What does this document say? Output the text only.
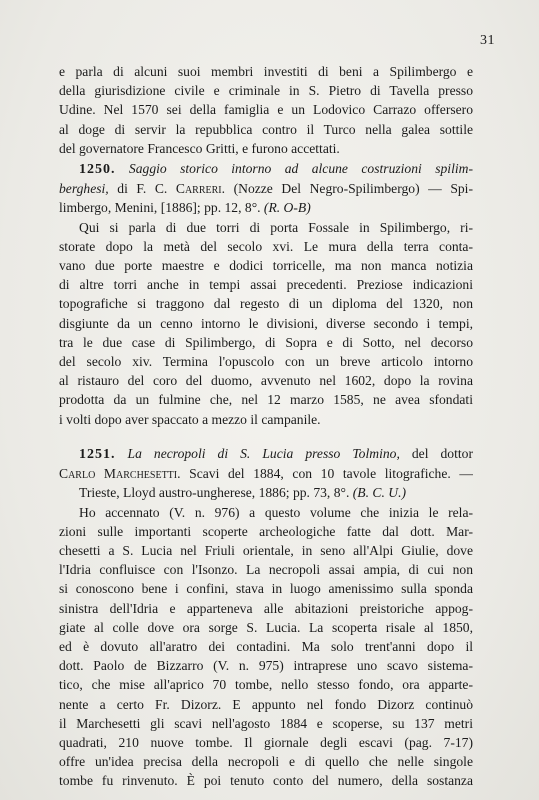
31
e parla di alcuni suoi membri investiti di beni a Spilimbergo e
della giurisdizione civile e criminale in S. Pietro di Tavella presso
Udine. Nel 1570 sei della famiglia e un Lodovico Carrazo offersero
al doge di servir la repubblica contro il Turco nella galea sottile
del governatore Francesco Gritti, e furono accettati.
1250. Saggio storico intorno ad alcune costruzioni spilim-
berghesi, di F. C. Carreri. (Nozze Del Negro-Spilimbergo) — Spi-
limbergo, Menini, [1886]; pp. 12, 8°. (R. O-B)
Qui si parla di due torri di porta Fossale in Spilimbergo, ri-
storate dopo la metà del secolo xvi. Le mura della terra conta-
vano due porte maestre e dodici torricelle, ma non manca notizia
di altre torri anche in tempi assai precedenti. Preziose indicazioni
topografiche si traggono dal regesto di un diploma del 1320, non
disgiunte da un cenno intorno le divisioni, diverse secondo i tempi,
tra le due case di Spilimbergo, di Sopra e di Sotto, nel decorso
del secolo xiv. Termina l'opuscolo con un breve articolo intorno
al ristauro del coro del duomo, avvenuto nel 1602, dopo la rovina
prodotta da un fulmine che, nel 12 marzo 1585, ne avea sfondati
i volti dopo aver spaccato a mezzo il campanile.
1251. La necropoli di S. Lucia presso Tolmino, del dottor
Carlo Marchesetti. Scavi del 1884, con 10 tavole litografiche. —
Trieste, Lloyd austro-ungherese, 1886; pp. 73, 8°. (B. C. U.)
Ho accennato (V. n. 976) a questo volume che inizia le rela-
zioni sulle importanti scoperte archeologiche fatte dal dott. Mar-
chesetti a S. Lucia nel Friuli orientale, in seno all'Alpi Giulie, dove
l'Idria confluisce con l'Isonzo. La necropoli assai ampia, di cui non
si conoscono bene i confini, stava in luogo amenissimo sulla sponda
sinistra dell'Idria e apparteneva alle abitazioni preistoriche appog-
giate al colle dove ora sorge S. Lucia. La scoperta risale al 1850,
ed è dovuto all'aratro dei contadini. Ma solo trent'anni dopo il
dott. Paolo de Bizzarro (V. n. 975) intraprese uno scavo sistema-
tico, che mise all'aprico 70 tombe, nello stesso fondo, ora apparte-
nente a certo Fr. Dizorz. E appunto nel fondo Dizorz continuò
il Marchesetti gli scavi nell'agosto 1884 e scoperse, su 137 metri
quadrati, 210 nuove tombe. Il giornale degli escavi (pag. 7-17)
offre un'idea precisa della necropoli e di quello che nelle singole
tombe fu rinvenuto. È poi tenuto conto del numero, della sostanza
